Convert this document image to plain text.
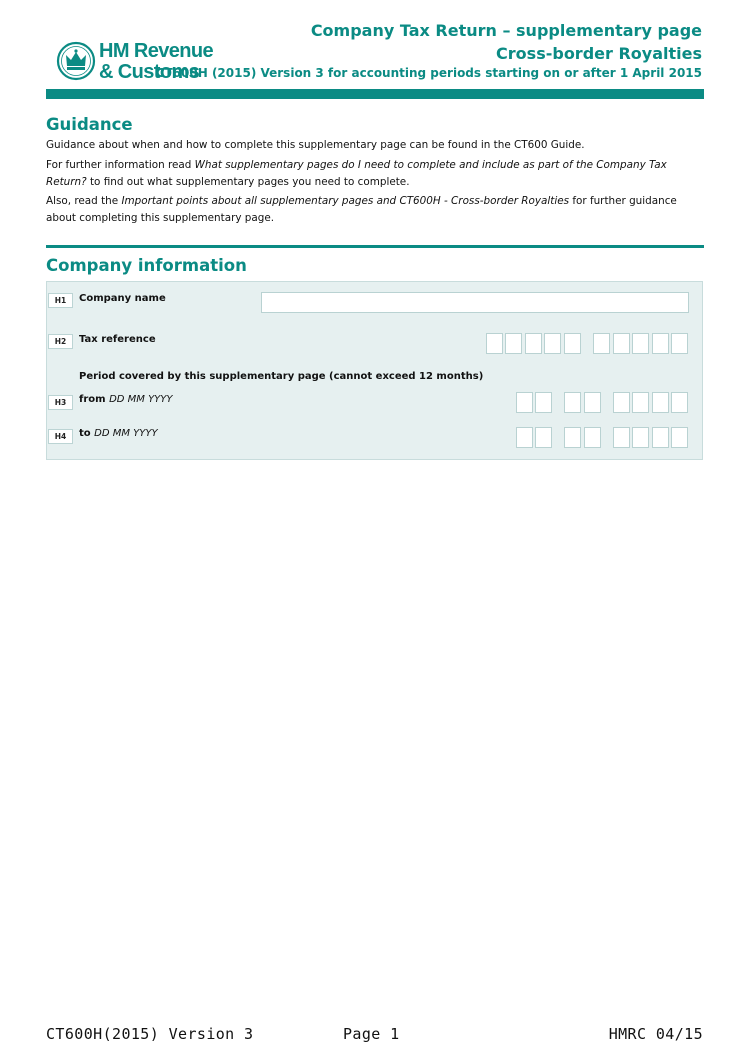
HM Revenue
& Customs
Company Tax Return – supplementary page
Cross-border Royalties
CT600H (2015) Version 3 for accounting periods starting on or after 1 April 2015
Guidance
Guidance about when and how to complete this supplementary page can be found in the CT600 Guide.
For further information read What supplementary pages do I need to complete and include as part of the Company Tax Return? to find out what supplementary pages you need to complete.
Also, read the Important points about all supplementary pages and CT600H - Cross-border Royalties for further guidance about completing this supplementary page.
Company information
H1	Company name
H2	Tax reference
Period covered by this supplementary page (cannot exceed 12 months)
H3	from DD MM YYYY
H4	to DD MM YYYY
CT600H(2015) Version 3	Page 1	HMRC 04/15
